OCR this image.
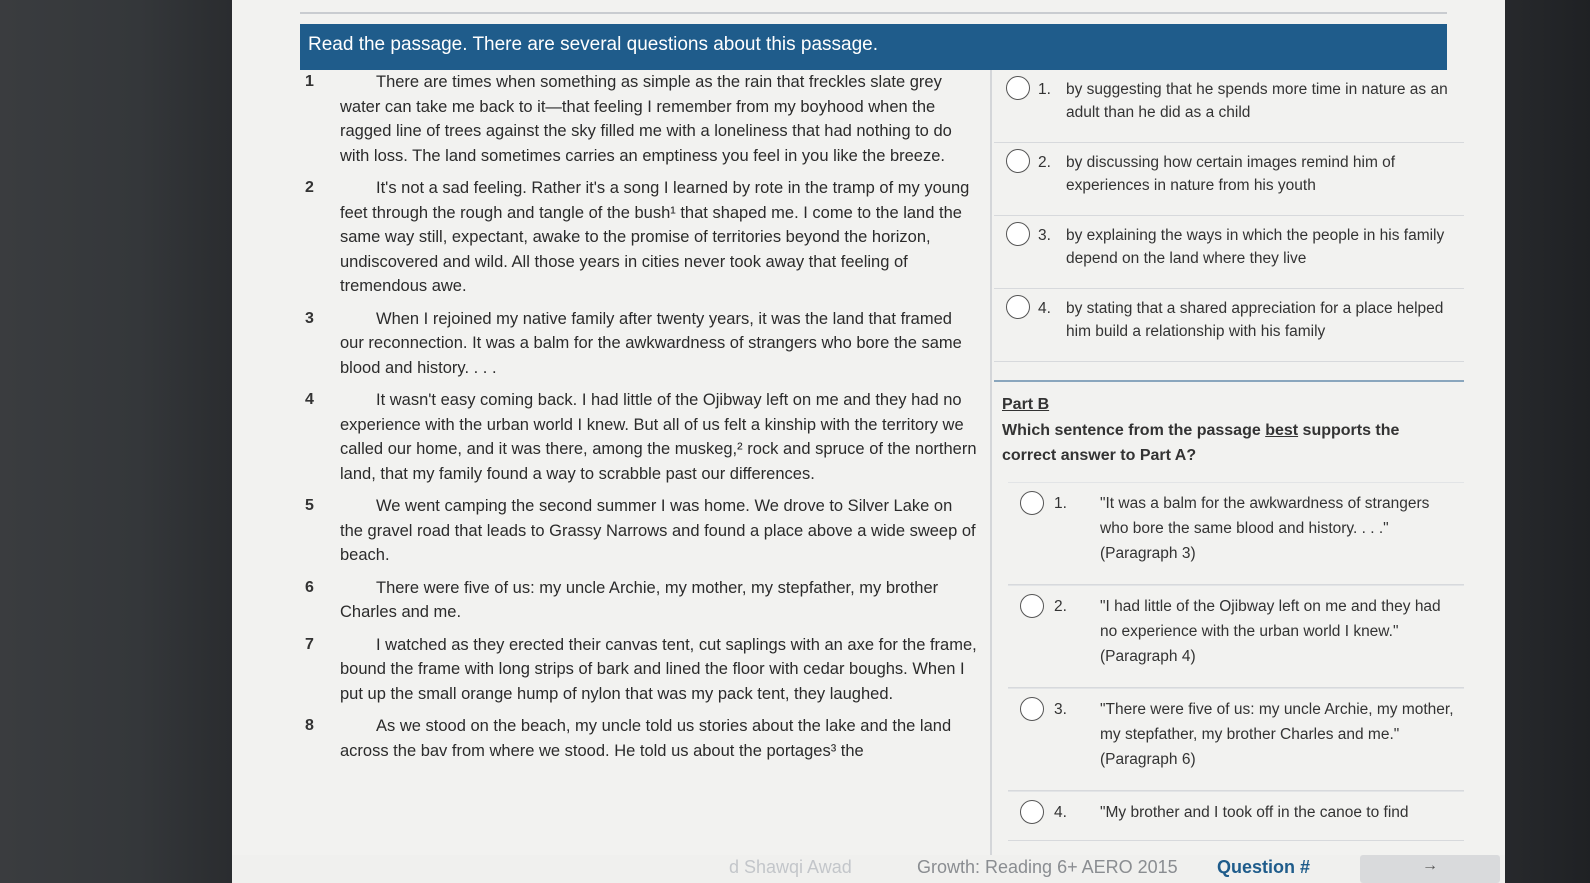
Read the passage. There are several questions about this passage.
1	There are times when something as simple as the rain that freckles slate grey water can take me back to it—that feeling I remember from my boyhood when the ragged line of trees against the sky filled me with a loneliness that had nothing to do with loss. The land sometimes carries an emptiness you feel in you like the breeze.
2	It's not a sad feeling. Rather it's a song I learned by rote in the tramp of my young feet through the rough and tangle of the bush¹ that shaped me. I come to the land the same way still, expectant, awake to the promise of territories beyond the horizon, undiscovered and wild. All those years in cities never took away that feeling of tremendous awe.
3	When I rejoined my native family after twenty years, it was the land that framed our reconnection. It was a balm for the awkwardness of strangers who bore the same blood and history. . . .
4	It wasn't easy coming back. I had little of the Ojibway left on me and they had no experience with the urban world I knew. But all of us felt a kinship with the territory we called our home, and it was there, among the muskeg,² rock and spruce of the northern land, that my family found a way to scrabble past our differences.
5	We went camping the second summer I was home. We drove to Silver Lake on the gravel road that leads to Grassy Narrows and found a place above a wide sweep of beach.
6	There were five of us: my uncle Archie, my mother, my stepfather, my brother Charles and me.
7	I watched as they erected their canvas tent, cut saplings with an axe for the frame, bound the frame with long strips of bark and lined the floor with cedar boughs. When I put up the small orange hump of nylon that was my pack tent, they laughed.
8	As we stood on the beach, my uncle told us stories about the lake and the land across the bav from where we stood. He told us about the portages³ the
1. by suggesting that he spends more time in nature as an adult than he did as a child
2. by discussing how certain images remind him of experiences in nature from his youth
3. by explaining the ways in which the people in his family depend on the land where they live
4. by stating that a shared appreciation for a place helped him build a relationship with his family
Part B
Which sentence from the passage best supports the correct answer to Part A?
1. "It was a balm for the awkwardness of strangers who bore the same blood and history. . . ." (Paragraph 3)
2. "I had little of the Ojibway left on me and they had no experience with the urban world I knew." (Paragraph 4)
3. "There were five of us: my uncle Archie, my mother, my stepfather, my brother Charles and me." (Paragraph 6)
4. "My brother and I took off in the canoe to find
d Shawqi Awad	Growth: Reading 6+ AERO 2015 Question #	→
